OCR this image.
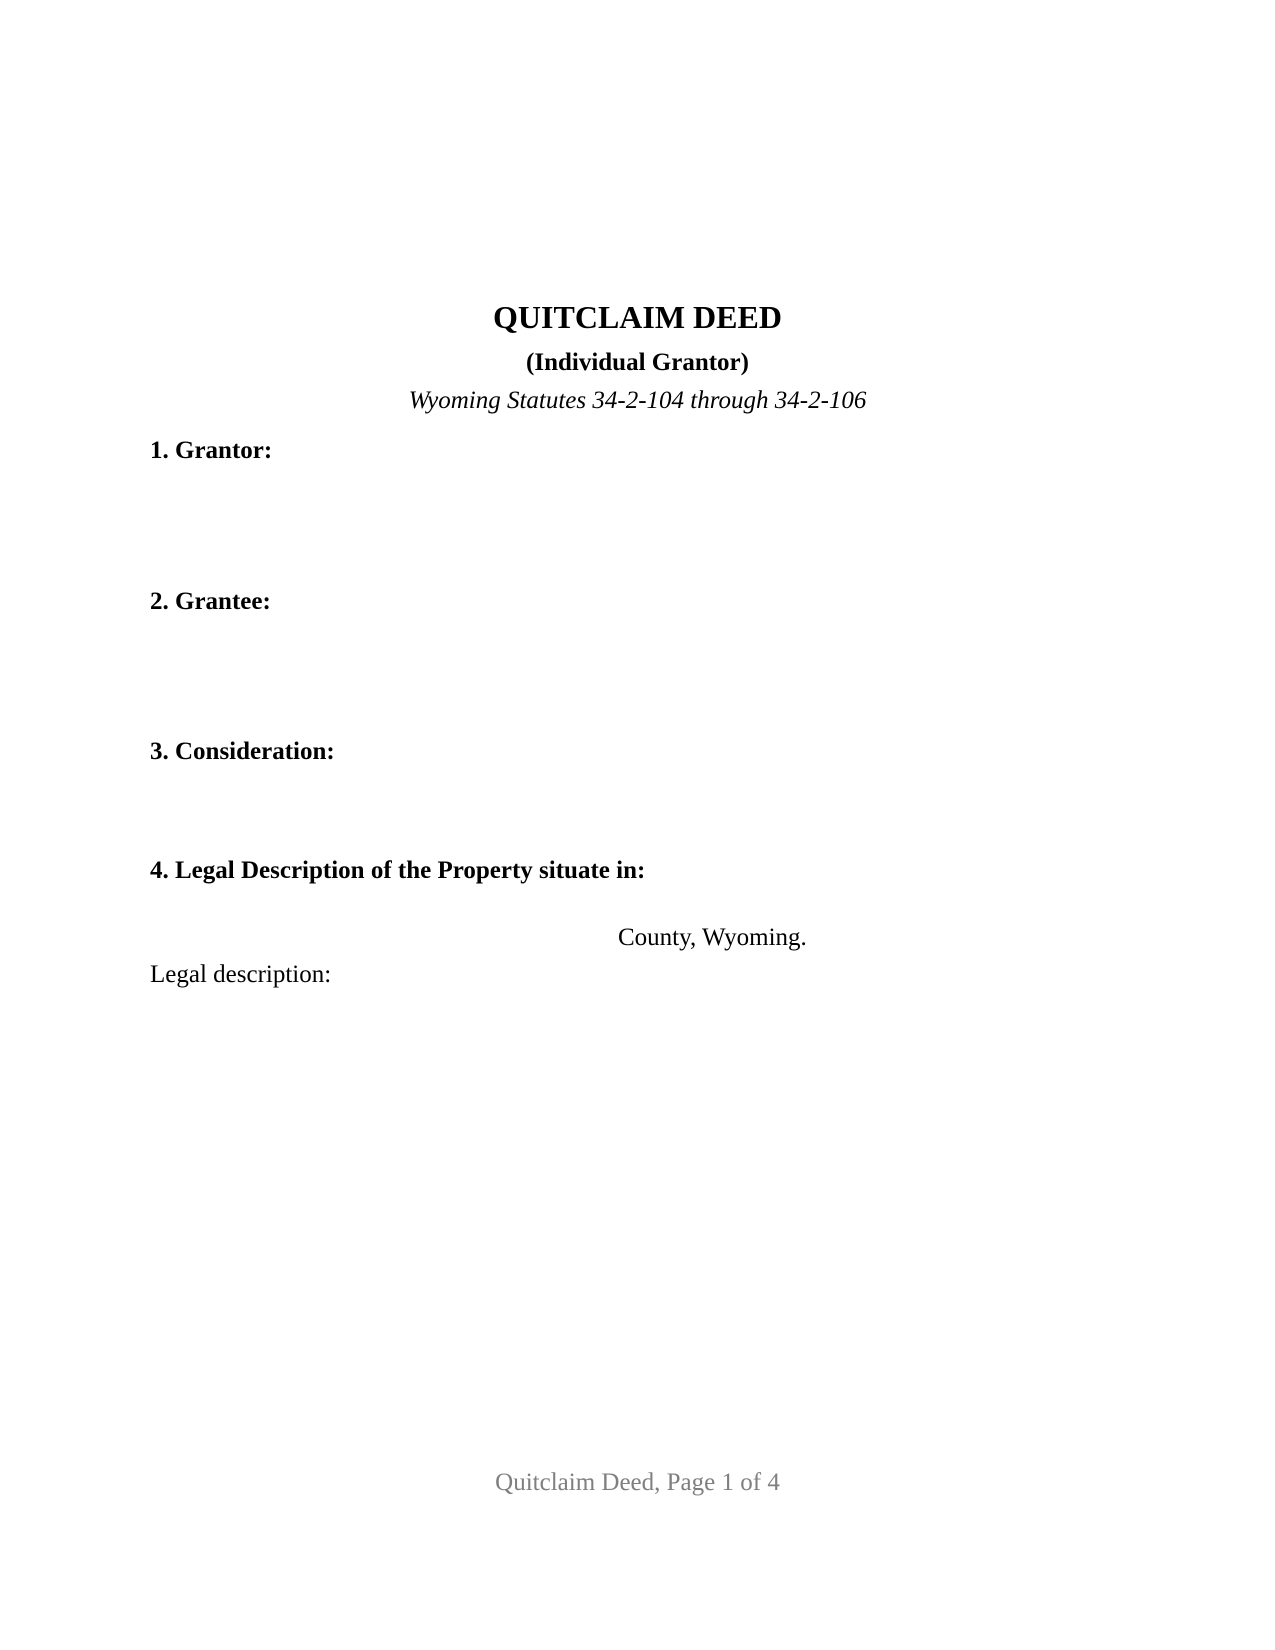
QUITCLAIM DEED
(Individual Grantor)
Wyoming Statutes 34-2-104 through 34-2-106
1. Grantor:
2. Grantee:
3. Consideration:
4. Legal Description of the Property situate in:
County, Wyoming.
Legal description:
Quitclaim Deed, Page 1 of 4
